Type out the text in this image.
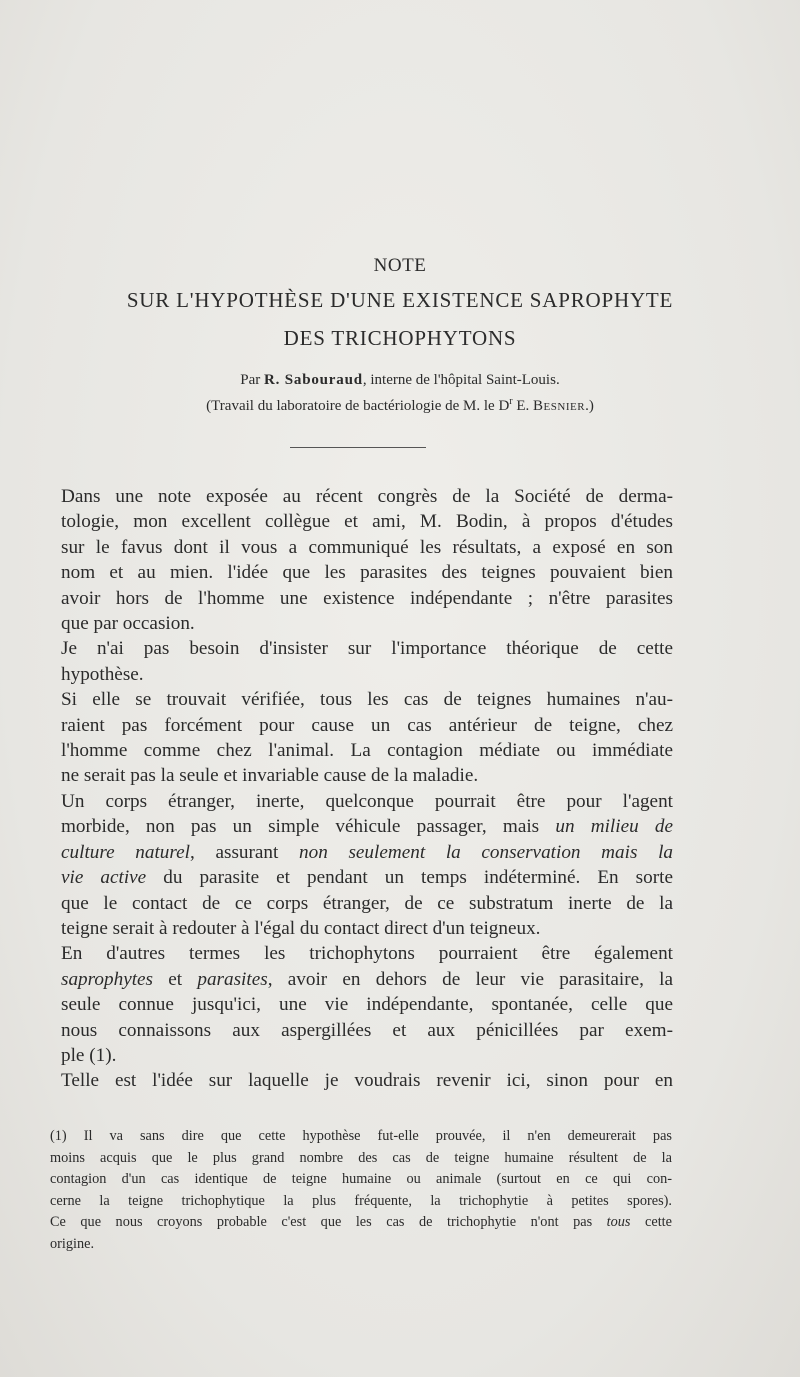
NOTE
SUR L'HYPOTHÈSE D'UNE EXISTENCE SAPROPHYTE
DES TRICHOPHYTONS
Par R. Sabouraud, interne de l'hôpital Saint-Louis.
(Travail du laboratoire de bactériologie de M. le $D^r$ E. Besnier.)
Dans une note exposée au récent congrès de la Société de derma-
tologie, mon excellent collègue et ami, M. Bodin, à propos d'études
sur le favus dont il vous a communiqué les résultats, a exposé en son
nom et au mien. l'idée que les parasites des teignes pouvaient bien
avoir hors de l'homme une existence indépendante ; n'être parasites
que par occasion.
Je n'ai pas besoin d'insister sur l'importance théorique de cette
hypothèse.
Si elle se trouvait vérifiée, tous les cas de teignes humaines n'au-
raient pas forcément pour cause un cas antérieur de teigne, chez
l'homme comme chez l'animal. La contagion médiate ou immédiate
ne serait pas la seule et invariable cause de la maladie.
Un corps étranger, inerte, quelconque pourrait être pour l'agent
morbide, non pas un simple véhicule passager, mais un milieu de
culture naturel, assurant non seulement la conservation mais la
vie active du parasite et pendant un temps indéterminé. En sorte
que le contact de ce corps étranger, de ce substratum inerte de la
teigne serait à redouter à l'égal du contact direct d'un teigneux.
En d'autres termes les trichophytons pourraient être également
saprophytes et parasites, avoir en dehors de leur vie parasitaire, la
seule connue jusqu'ici, une vie indépendante, spontanée, celle que
nous connaissons aux aspergillées et aux pénicillées par exem-
ple (1).
Telle est l'idée sur laquelle je voudrais revenir ici, sinon pour en
(1) Il va sans dire que cette hypothèse fut-elle prouvée, il n'en demeurerait pas
moins acquis que le plus grand nombre des cas de teigne humaine résultent de la
contagion d'un cas identique de teigne humaine ou animale (surtout en ce qui con-
cerne la teigne trichophytique la plus fréquente, la trichophytie à petites spores).
Ce que nous croyons probable c'est que les cas de trichophytie n'ont pas tous cette
origine.
